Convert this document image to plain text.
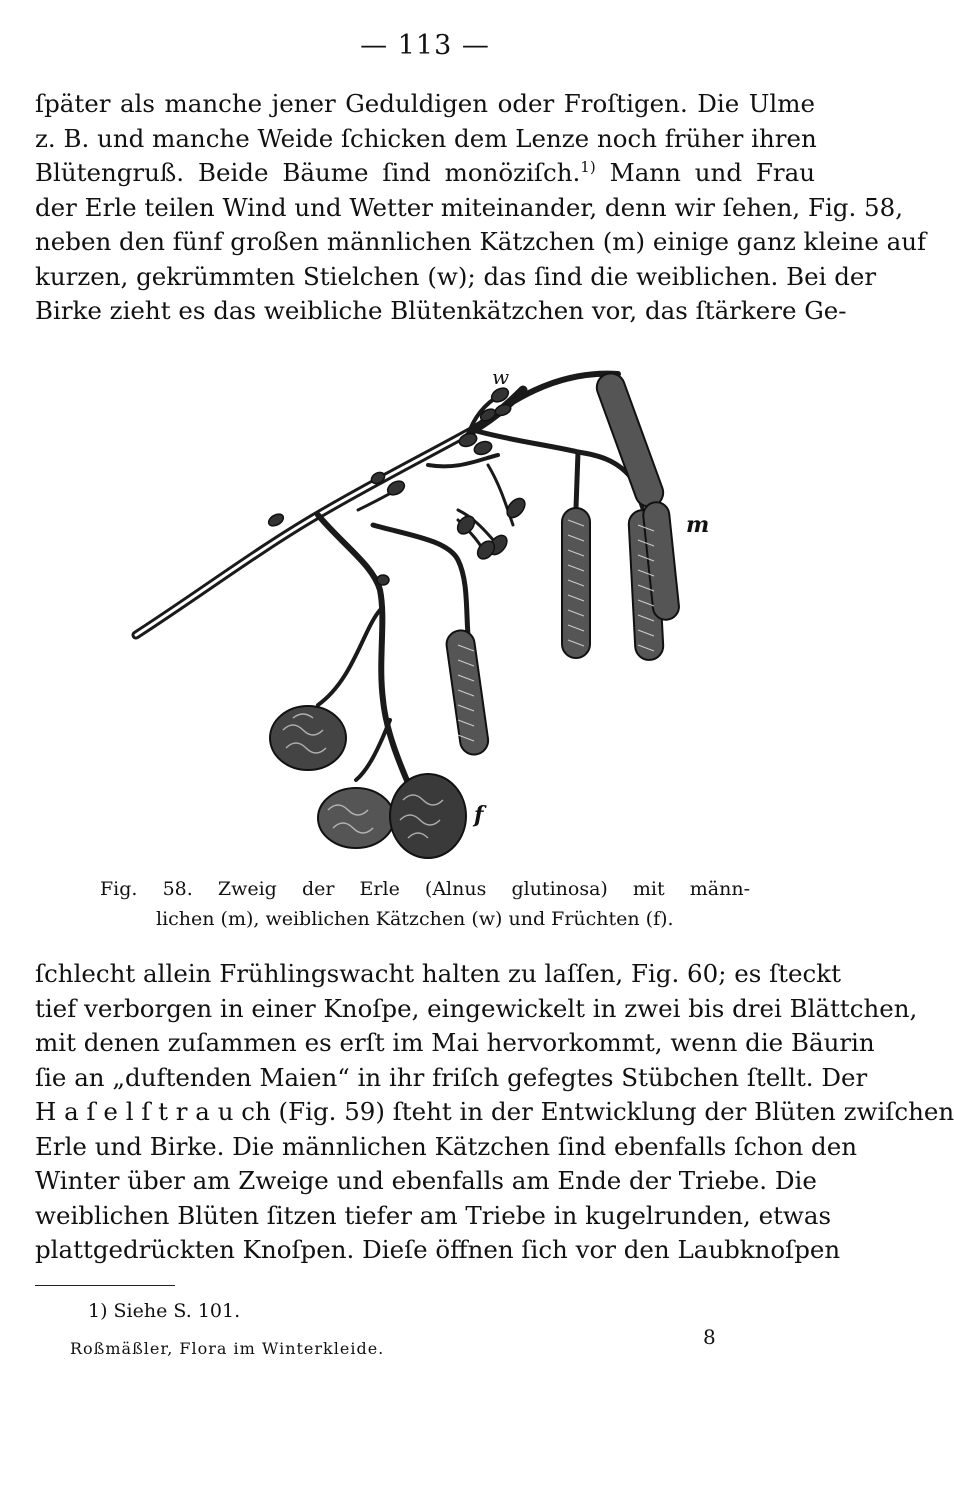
— 113 —
ſpäter als manche jener Geduldigen oder Froſtigen. Die Ulme
z. B. und manche Weide ſchicken dem Lenze noch früher ihren
Blütengruß. Beide Bäume ſind monöziſch.$^{1)}$ Mann und Frau
der Erle teilen Wind und Wetter miteinander, denn wir ſehen, Fig. 58,
neben den fünf großen männlichen Kätzchen (m) einige ganz kleine auf
kurzen, gekrümmten Stielchen (w); das ſind die weiblichen. Bei der
Birke zieht es das weibliche Blütenkätzchen vor, das ſtärkere Ge-
w
m
f
Fig. 58. Zweig der Erle (Alnus glutinosa) mit männ-
lichen (m), weiblichen Kätzchen (w) und Früchten (f).
ſchlecht allein Frühlingswacht halten zu laſſen, Fig. 60; es ſteckt
tief verborgen in einer Knoſpe, eingewickelt in zwei bis drei Blättchen,
mit denen zuſammen es erſt im Mai hervorkommt, wenn die Bäurin
ſie an „duftenden Maien“ in ihr friſch gefegtes Stübchen ſtellt. Der
H a ſ e l ſ t r a u ch (Fig. 59) ſteht in der Entwicklung der Blüten zwiſchen
Erle und Birke. Die männlichen Kätzchen ſind ebenfalls ſchon den
Winter über am Zweige und ebenfalls am Ende der Triebe. Die
weiblichen Blüten ſitzen tiefer am Triebe in kugelrunden, etwas
plattgedrückten Knoſpen. Dieſe öffnen ſich vor den Laubknoſpen
1) Siehe S. 101.
Roßmäßler, Flora im Winterkleide.	8
